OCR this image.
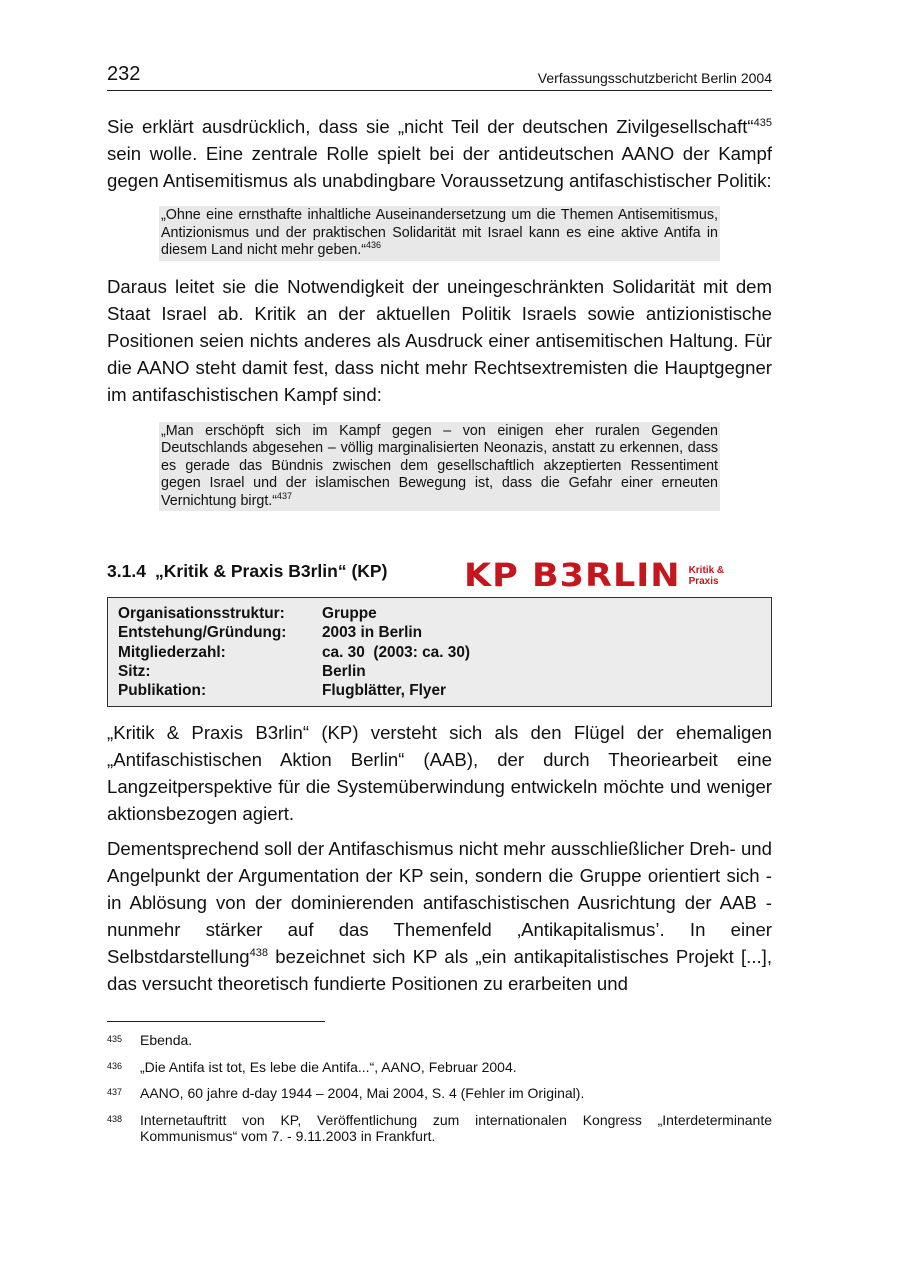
232	Verfassungsschutzbericht Berlin 2004

Sie erklärt ausdrücklich, dass sie „nicht Teil der deutschen Zivilgesellschaft“$^{435}$ sein wolle. Eine zentrale Rolle spielt bei der antideutschen AANO der Kampf gegen Antisemitismus als unabdingbare Voraussetzung antifaschistischer Politik:

„Ohne eine ernsthafte inhaltliche Auseinandersetzung um die Themen Antisemitismus, Antizionismus und der praktischen Solidarität mit Israel kann es eine aktive Antifa in diesem Land nicht mehr geben.“$^{436}$

Daraus leitet sie die Notwendigkeit der uneingeschränkten Solidarität mit dem Staat Israel ab. Kritik an der aktuellen Politik Israels sowie antizionistische Positionen seien nichts anderes als Ausdruck einer antisemitischen Haltung. Für die AANO steht damit fest, dass nicht mehr Rechtsextremisten die Hauptgegner im antifaschistischen Kampf sind:

„Man erschöpft sich im Kampf gegen – von einigen eher ruralen Gegenden Deutschlands abgesehen – völlig marginalisierten Neonazis, anstatt zu erkennen, dass es gerade das Bündnis zwischen dem gesellschaftlich akzeptierten Ressentiment gegen Israel und der islamischen Bewegung ist, dass die Gefahr einer erneuten Vernichtung birgt.“$^{437}$
3.1.4 „Kritik & Praxis B3rlin“ (KP) KP B3RLIN Kritik &
Praxis
Organisationsstruktur:	Gruppe
Entstehung/Gründung:	2003 in Berlin
Mitgliederzahl:	ca. 30  (2003: ca. 30)
Sitz:	Berlin
Publikation:	Flugblätter, Flyer

„Kritik & Praxis B3rlin“ (KP) versteht sich als den Flügel der ehemaligen „Antifaschistischen Aktion Berlin“ (AAB), der durch Theoriearbeit eine Langzeitperspektive für die Systemüberwindung entwickeln möchte und weniger aktionsbezogen agiert.

Dementsprechend soll der Antifaschismus nicht mehr ausschließlicher Dreh- und Angelpunkt der Argumentation der KP sein, sondern die Gruppe orientiert sich - in Ablösung von der dominierenden antifaschistischen Ausrichtung der AAB - nunmehr stärker auf das Themenfeld ‚Antikapitalismus’. In einer Selbstdarstellung$^{438}$ bezeichnet sich KP als „ein antikapitalistisches Projekt [...], das versucht theoretisch fundierte Positionen zu erarbeiten und

435	Ebenda.
436	„Die Antifa ist tot, Es lebe die Antifa...“, AANO, Februar 2004.
437	AANO, 60 jahre d-day 1944 – 2004, Mai 2004, S. 4 (Fehler im Original).
438	Internetauftritt von KP, Veröffentlichung zum internationalen Kongress „Interdeterminante Kommunismus“ vom 7. - 9.11.2003 in Frankfurt.
